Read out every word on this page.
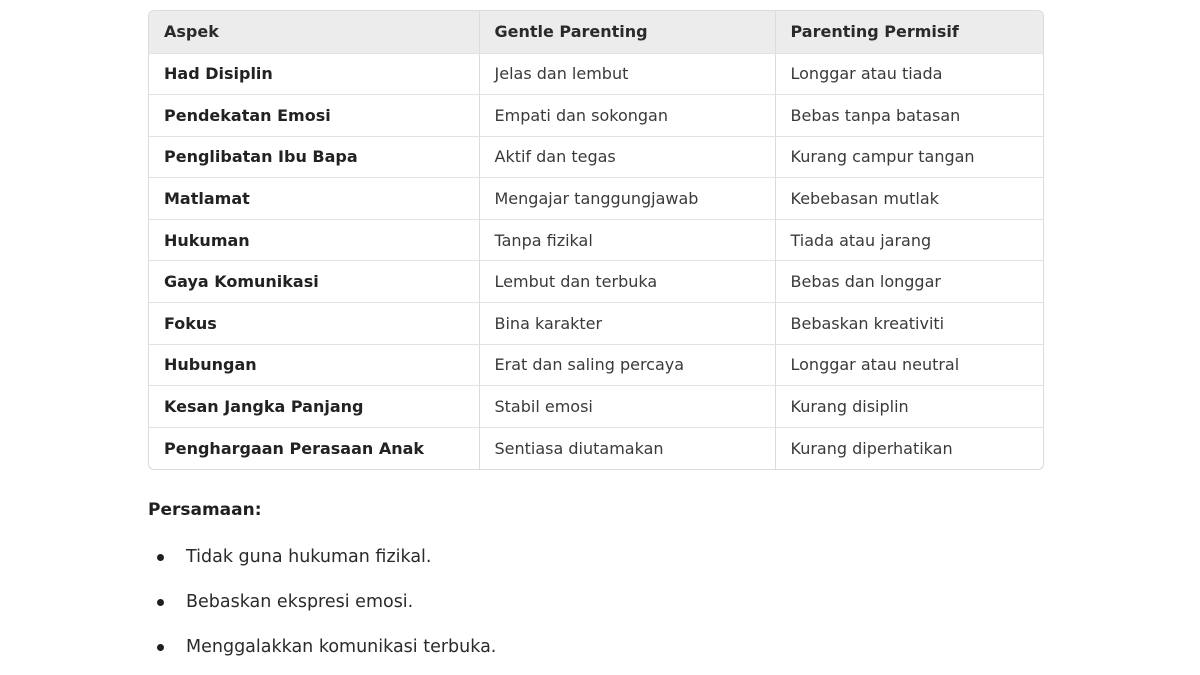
Aspek	Gentle Parenting	Parenting Permisif
Had Disiplin	Jelas dan lembut	Longgar atau tiada
Pendekatan Emosi	Empati dan sokongan	Bebas tanpa batasan
Penglibatan Ibu Bapa	Aktif dan tegas	Kurang campur tangan
Matlamat	Mengajar tanggungjawab	Kebebasan mutlak
Hukuman	Tanpa fizikal	Tiada atau jarang
Gaya Komunikasi	Lembut dan terbuka	Bebas dan longgar
Fokus	Bina karakter	Bebaskan kreativiti
Hubungan	Erat dan saling percaya	Longgar atau neutral
Kesan Jangka Panjang	Stabil emosi	Kurang disiplin
Penghargaan Perasaan Anak	Sentiasa diutamakan	Kurang diperhatikan

Persamaan:

Tidak guna hukuman fizikal.
Bebaskan ekspresi emosi.
Menggalakkan komunikasi terbuka.
